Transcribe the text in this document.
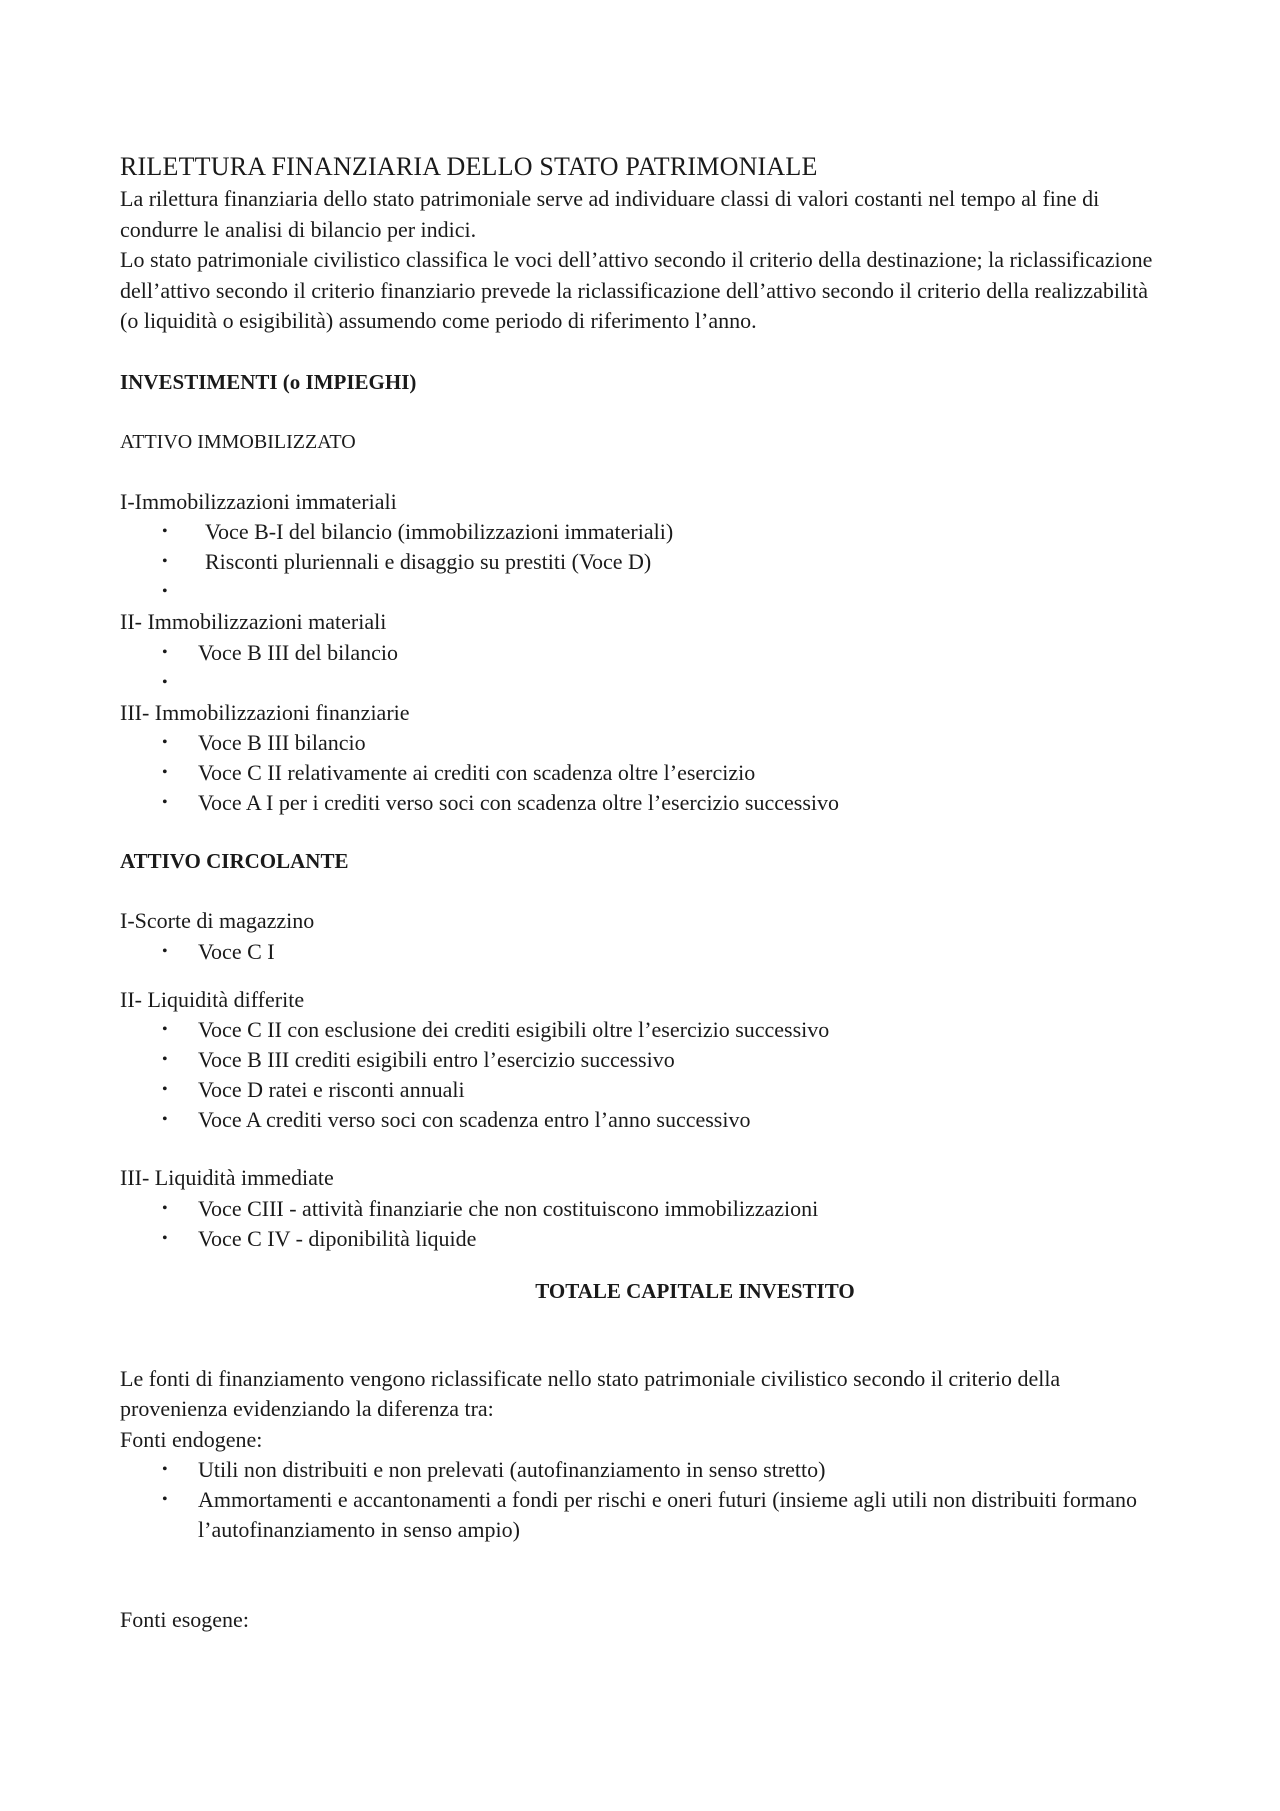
RILETTURA FINANZIARIA DELLO STATO PATRIMONIALE

La rilettura finanziaria dello stato patrimoniale serve ad individuare classi di valori costanti nel tempo al fine di condurre le analisi di bilancio per indici.

Lo stato patrimoniale civilistico classifica le voci dell’attivo secondo il criterio della destinazione; la riclassificazione dell’attivo secondo il criterio finanziario prevede la riclassificazione dell’attivo secondo il criterio della realizzabilità (o liquidità o esigibilità) assumendo come periodo di riferimento l’anno.

INVESTIMENTI (o IMPIEGHI)
ATTIVO IMMOBILIZZATO

I-Immobilizzazioni immateriali

• Voce B-I del bilancio (immobilizzazioni immateriali)
• Risconti pluriennali e disaggio su prestiti (Voce D)
•

II- Immobilizzazioni materiali

• Voce B III del bilancio
•

III- Immobilizzazioni finanziarie

• Voce B III bilancio
• Voce C II relativamente ai crediti con scadenza oltre l’esercizio
• Voce A I per i crediti verso soci con scadenza oltre l’esercizio successivo
ATTIVO CIRCOLANTE

I-Scorte di magazzino

• Voce C I

II- Liquidità differite

• Voce C II con esclusione dei crediti esigibili oltre l’esercizio successivo
• Voce B III crediti esigibili entro l’esercizio successivo
• Voce D ratei e risconti annuali
• Voce A crediti verso soci con scadenza entro l’anno successivo

III- Liquidità immediate

• Voce CIII - attività finanziarie che non costituiscono immobilizzazioni
• Voce C IV - diponibilità liquide
TOTALE CAPITALE INVESTITO

Le fonti di finanziamento vengono riclassificate nello stato patrimoniale civilistico secondo il criterio della provenienza evidenziando la diferenza tra:

Fonti endogene:

• Utili non distribuiti e non prelevati (autofinanziamento in senso stretto)
• Ammortamenti e accantonamenti a fondi per rischi e oneri futuri (insieme agli utili non distribuiti formano l’autofinanziamento in senso ampio)

Fonti esogene:
